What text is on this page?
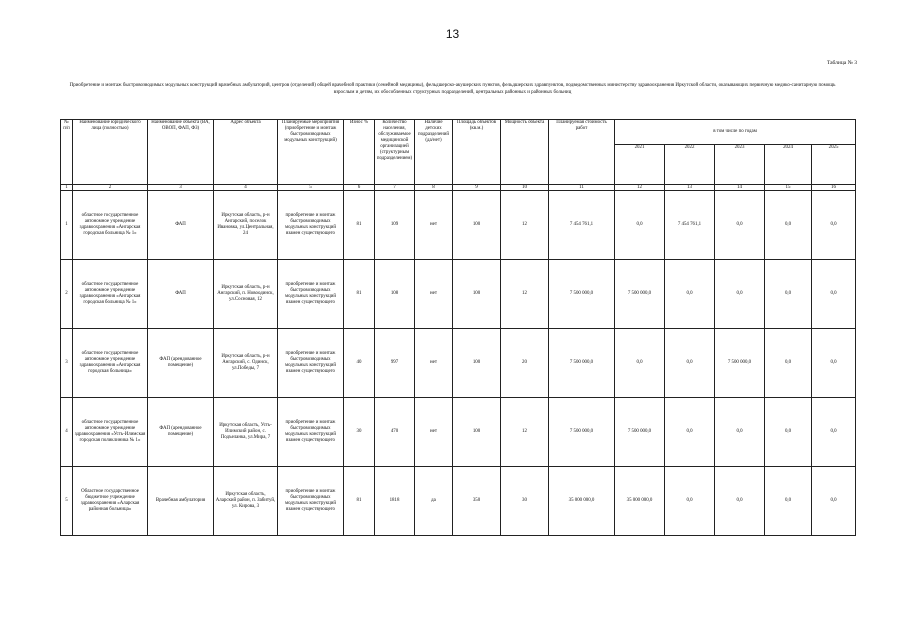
13
Таблица № 3
Приобретение и монтаж быстровозводимых модульных конструкций врачебных амбулаторий, центров (отделений) общей врачебной практики (семейной медицины), фельдшерско-акушерских пунктов, фельдшерских здравпунктов, подведомственных министерству здравоохранения Иркутской области, оказывающих первичную медико-санитарную помощь взрослым и детям, их обособленных структурных подразделений, центральных районных и районных больниц
№ п/п	Наименование юридического лица (полностью)	Наименование объекта (ВА, ОВОП, ФАП, ФЗ)	Адрес объекта	Планируемые мероприятия (приобретение и монтаж быстровозводимых модульных конструкций)	Износ %	Количество населения, обслуживаемое медицинской организацией (структурным подразделением)	Наличие детских подразделений (да/нет)	Площадь объектов (кв.м.)	Мощность объекта	Планируемая стоимость работ	в том числе по годам				
											2021	2022	2023	2024	2025
1	2	3	4	5	6	7	8	9	10	11	12	13	14	15	16
1	областное государственное автономное учреждение здравоохранения «Ангарская городская больница № 1»	ФАП	Иркутская область, р-н Ангарский, поселок Ивановка, ул.Центральная, 24	приобретение и монтаж быстровозводимых модульных конструкций взамен существующего	81	109	нет	100	12	7 454 761,1	0,0	7 454 761,1	0,0	0,0	0,0
2	областное государственное автономное учреждение здравоохранения «Ангарская городская больница № 1»	ФАП	Иркутская область, р-н Ангарский, п. Новоодинск, ул.Сосновая, 12	приобретение и монтаж быстровозводимых модульных конструкций взамен существующего	81	108	нет	100	12	7 500 000,0	7 500 000,0	0,0	0,0	0,0	0,0
3	областное государственное автономное учреждение здравоохранения «Ангарская городская больница»	ФАП (арендованное помещение)	Иркутская область, р-н Ангарский, с. Одинск, ул.Победы, 7	приобретение и монтаж быстровозводимых модульных конструкций взамен существующего	40	997	нет	100	20	7 500 000,0	0,0	0,0	7 500 000,0	0,0	0,0
4	областное государственное автономное учреждение здравоохранения «Усть-Илимская городская поликлиника № 1»	ФАП (арендованное помещение)	Иркутская область, Усть-Илимский район, с. Подъеланка, ул.Мира, 7	приобретение и монтаж быстровозводимых модульных конструкций взамен существующего	30	470	нет	100	12	7 500 000,0	7 500 000,0	0,0	0,0	0,0	0,0
5	Областное государственное бюджетное учреждение здравоохранения «Аларская районная больница»	Врачебная амбулатория	Иркутская область, Аларский район, п. Забитуй, ул. Кирова, 3	приобретение и монтаж быстровозводимых модульных конструкций взамен существующего	81	1818	да	350	30	35 000 000,0	35 000 000,0	0,0	0,0	0,0	0,0
